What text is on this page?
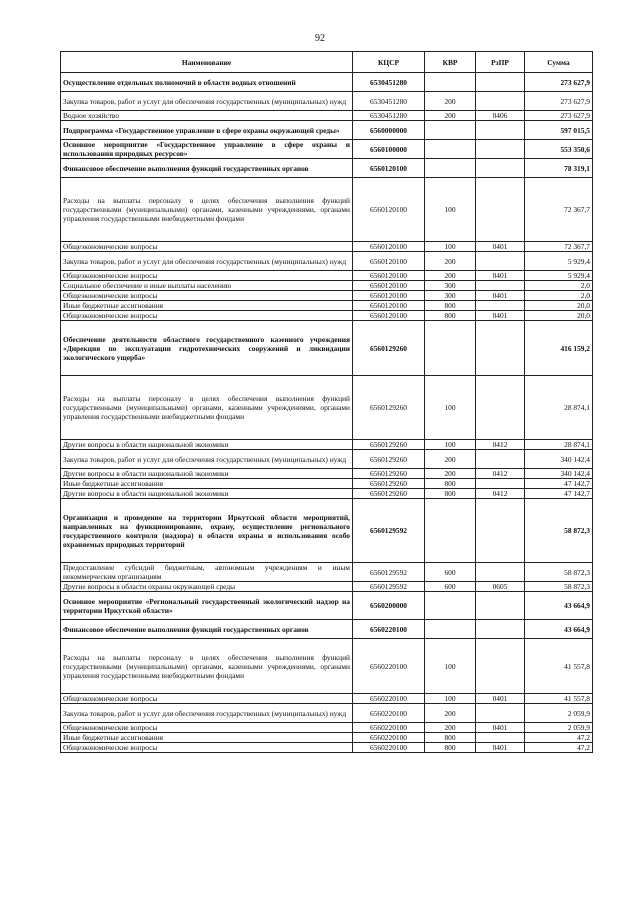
92
Наименование	КЦСР	КВР	РзПР	Сумма
Осуществление отдельных полномочий в области водных отношений	6530451280			273 627,9
Закупка товаров, работ и услуг для обеспечения государственных (муниципальных) нужд	6530451280	200		273 627,9
Водное хозяйство	6530451280	200	0406	273 627,9
Подпрограмма «Государственное управление в сфере охраны окружающей среды»	6560000000			597 015,5
Основное мероприятие «Государственное управление в сфере охраны и использования природных ресурсов»	6560100000			553 350,6
Финансовое обеспечение выполнения функций государственных органов	6560120100			78 319,1
Расходы на выплаты персоналу в целях обеспечения выполнения функций государственными (муниципальными) органами, казенными учреждениями, органами управления государственными внебюджетными фондами	6560120100	100		72 367,7
Общеэкономические вопросы	6560120100	100	0401	72 367,7
Закупка товаров, работ и услуг для обеспечения государственных (муниципальных) нужд	6560120100	200		5 929,4
Общеэкономические вопросы	6560120100	200	0401	5 929,4
Социальное обеспечение и иные выплаты населению	6560120100	300		2,0
Общеэкономические вопросы	6560120100	300	0401	2,0
Иные бюджетные ассигнования	6560120100	800		20,0
Общеэкономические вопросы	6560120100	800	0401	20,0
Обеспечение деятельности областного государственного казенного учреждения «Дирекция по эксплуатации гидротехнических сооружений и ликвидации экологического ущерба»	6560129260			416 159,2
Расходы на выплаты персоналу в целях обеспечения выполнения функций государственными (муниципальными) органами, казенными учреждениями, органами управления государственными внебюджетными фондами	6560129260	100		28 874,1
Другие вопросы в области национальной экономики	6560129260	100	0412	28 874,1
Закупка товаров, работ и услуг для обеспечения государственных (муниципальных) нужд	6560129260	200		340 142,4
Другие вопросы в области национальной экономики	6560129260	200	0412	340 142,4
Иные бюджетные ассигнования	6560129260	800		47 142,7
Другие вопросы в области национальной экономики	6560129260	800	0412	47 142,7
Организация и проведение на территории Иркутской области мероприятий, направленных на функционирование, охрану, осуществление регионального государственного контроля (надзора) в области охраны и использования особо охраняемых природных территорий	6560129592			58 872,3
Предоставление субсидий бюджетным, автономным учреждениям и иным некоммерческим организациям	6560129592	600		58 872,3
Другие вопросы в области охраны окружающей среды	6560129592	600	0605	58 872,3
Основное мероприятие «Региональный государственный экологический надзор на территории Иркутской области»	6560200000			43 664,9
Финансовое обеспечение выполнения функций государственных органов	6560220100			43 664,9
Расходы на выплаты персоналу в целях обеспечения выполнения функций государственными (муниципальными) органами, казенными учреждениями, органами управления государственными внебюджетными фондами	6560220100	100		41 557,8
Общеэкономические вопросы	6560220100	100	0401	41 557,8
Закупка товаров, работ и услуг для обеспечения государственных (муниципальных) нужд	6560220100	200		2 059,9
Общеэкономические вопросы	6560220100	200	0401	2 059,9
Иные бюджетные ассигнования	6560220100	800		47,2
Общеэкономические вопросы	6560220100	800	0401	47,2
